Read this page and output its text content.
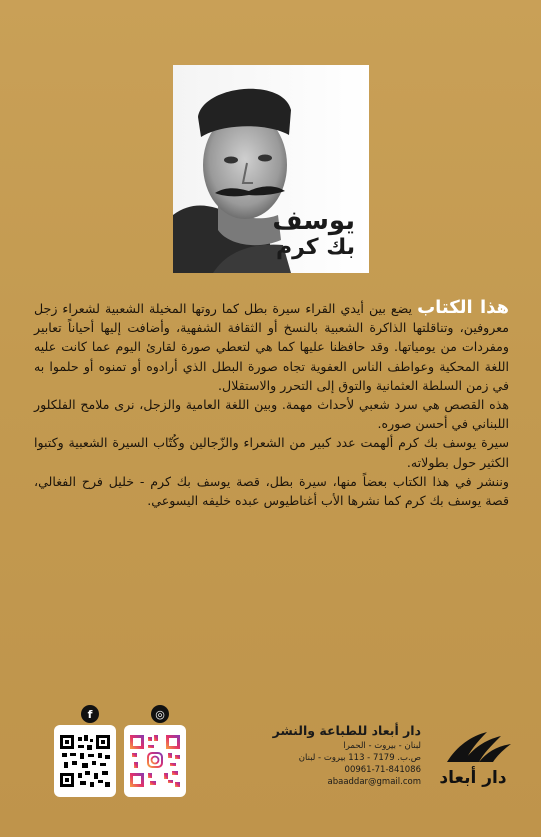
يوسف
بك كرم

هذا الكتاب يضع بين أيدي القراء سيرة بطل كما روتها المخيلة الشعبية لشعراء زجل معروفين، وتناقلتها الذاكرة الشعبية بالنسخ أو الثقافة الشفهية، وأضافت إليها أحياناً تعابير ومفردات من يومياتها. وقد حافظنا عليها كما هي لتعطي صورة لقارئ اليوم عما كانت عليه اللغة المحكية وعواطف الناس العفوية تجاه صورة البطل الذي أرادوه أو تمنوه أو حلموا به في زمن السلطة العثمانية والتوق إلى التحرر والاستقلال.

هذه القصص هي سرد شعبي لأحداث مهمة. وبين اللغة العامية والزجل، نرى ملامح الفلكلور اللبناني في أحسن صوره.

سيرة يوسف بك كرم ألهمت عدد كبير من الشعراء والزّجالين وكُتّاب السيرة الشعبية وكتبوا الكثير حول بطولاته.

وننشر في هذا الكتاب بعضاً منها، سيرة بطل، قصة يوسف بك كرم - خليل فرح الفغالي، قصة يوسف بك كرم كما نشرها الأب أغناطيوس عبده خليفه اليسوعي.

f	◎
دار أبعاد للطباعة والنشر
لبنان - بيروت - الحمرا
ص.ب. 7179 - 113 بيروت - لبنان
00961-71-841086
abaaddar@gmail.com	دار أبعاد
